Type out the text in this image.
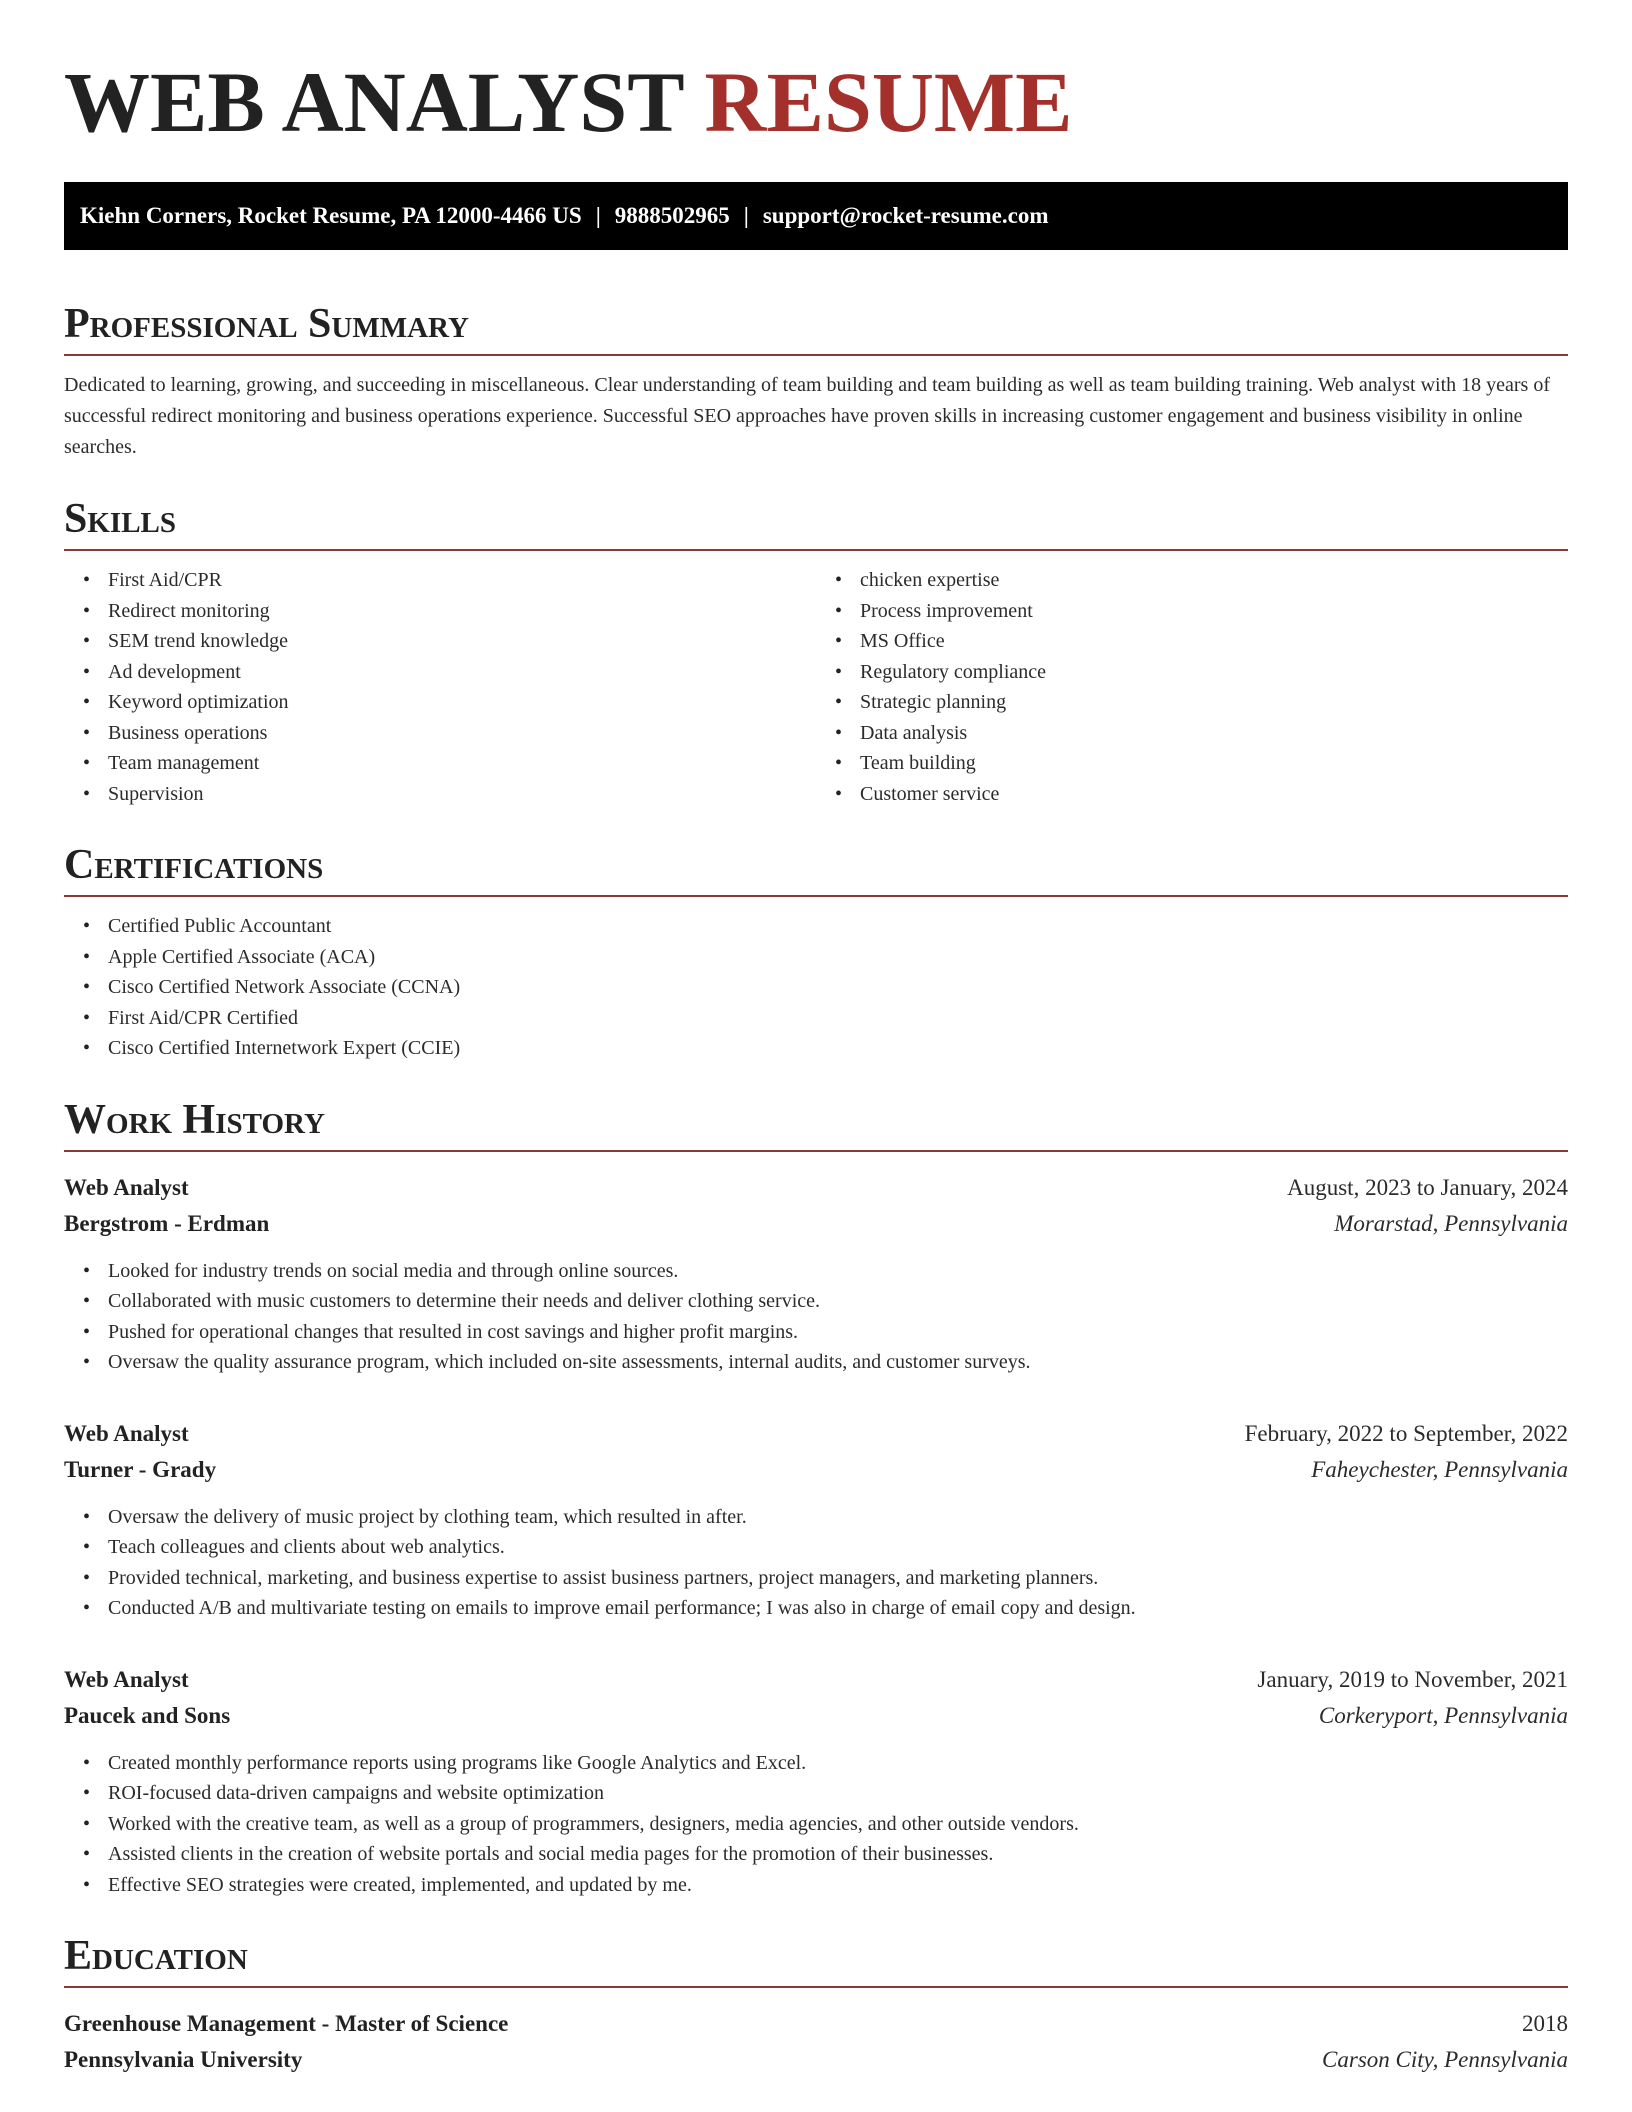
WEB ANALYST RESUME
Kiehn Corners, Rocket Resume, PA 12000-4466 US | 9888502965 | support@rocket-resume.com
Professional Summary

Dedicated to learning, growing, and succeeding in miscellaneous. Clear understanding of team building and team building as well as team building training. Web analyst with 18 years of successful redirect monitoring and business operations experience. Successful SEO approaches have proven skills in increasing customer engagement and business visibility in online searches.

Skills
• First Aid/CPR
• Redirect monitoring
• SEM trend knowledge
• Ad development
• Keyword optimization
• Business operations
• Team management
• Supervision
• chicken expertise
• Process improvement
• MS Office
• Regulatory compliance
• Strategic planning
• Data analysis
• Team building
• Customer service
Certifications
• Certified Public Accountant
• Apple Certified Associate (ACA)
• Cisco Certified Network Associate (CCNA)
• First Aid/CPR Certified
• Cisco Certified Internetwork Expert (CCIE)
Work History
Web Analyst	August, 2023 to January, 2024
Bergstrom - Erdman	Morarstad, Pennsylvania
• Looked for industry trends on social media and through online sources.
• Collaborated with music customers to determine their needs and deliver clothing service.
• Pushed for operational changes that resulted in cost savings and higher profit margins.
• Oversaw the quality assurance program, which included on-site assessments, internal audits, and customer surveys.
Web Analyst	February, 2022 to September, 2022
Turner - Grady	Faheychester, Pennsylvania
• Oversaw the delivery of music project by clothing team, which resulted in after.
• Teach colleagues and clients about web analytics.
• Provided technical, marketing, and business expertise to assist business partners, project managers, and marketing planners.
• Conducted A/B and multivariate testing on emails to improve email performance; I was also in charge of email copy and design.
Web Analyst	January, 2019 to November, 2021
Paucek and Sons	Corkeryport, Pennsylvania
• Created monthly performance reports using programs like Google Analytics and Excel.
• ROI-focused data-driven campaigns and website optimization
• Worked with the creative team, as well as a group of programmers, designers, media agencies, and other outside vendors.
• Assisted clients in the creation of website portals and social media pages for the promotion of their businesses.
• Effective SEO strategies were created, implemented, and updated by me.
Education
Greenhouse Management - Master of Science	2018
Pennsylvania University	Carson City, Pennsylvania
